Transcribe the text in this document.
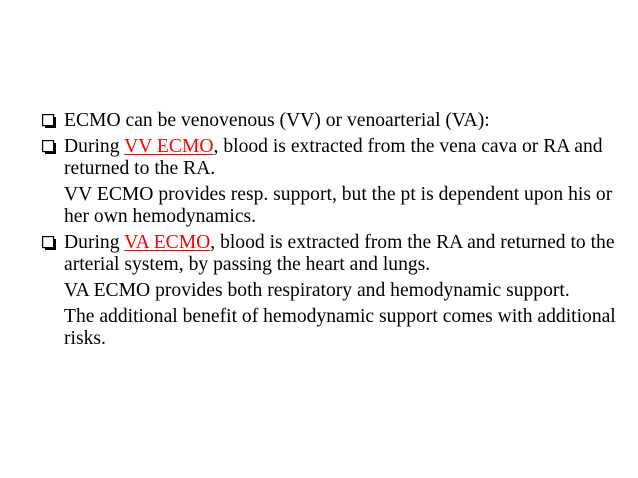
ECMO can be venovenous (VV) or venoarterial (VA):
During VV ECMO, blood is extracted from the vena cava or RA and returned to the RA.
VV ECMO provides resp. support, but the pt is dependent upon his or her own hemodynamics.
During VA ECMO, blood is extracted from the RA and returned to the arterial system, by passing the heart and lungs.
VA ECMO provides both respiratory and hemodynamic support.
The additional benefit of hemodynamic support comes with additional risks.
